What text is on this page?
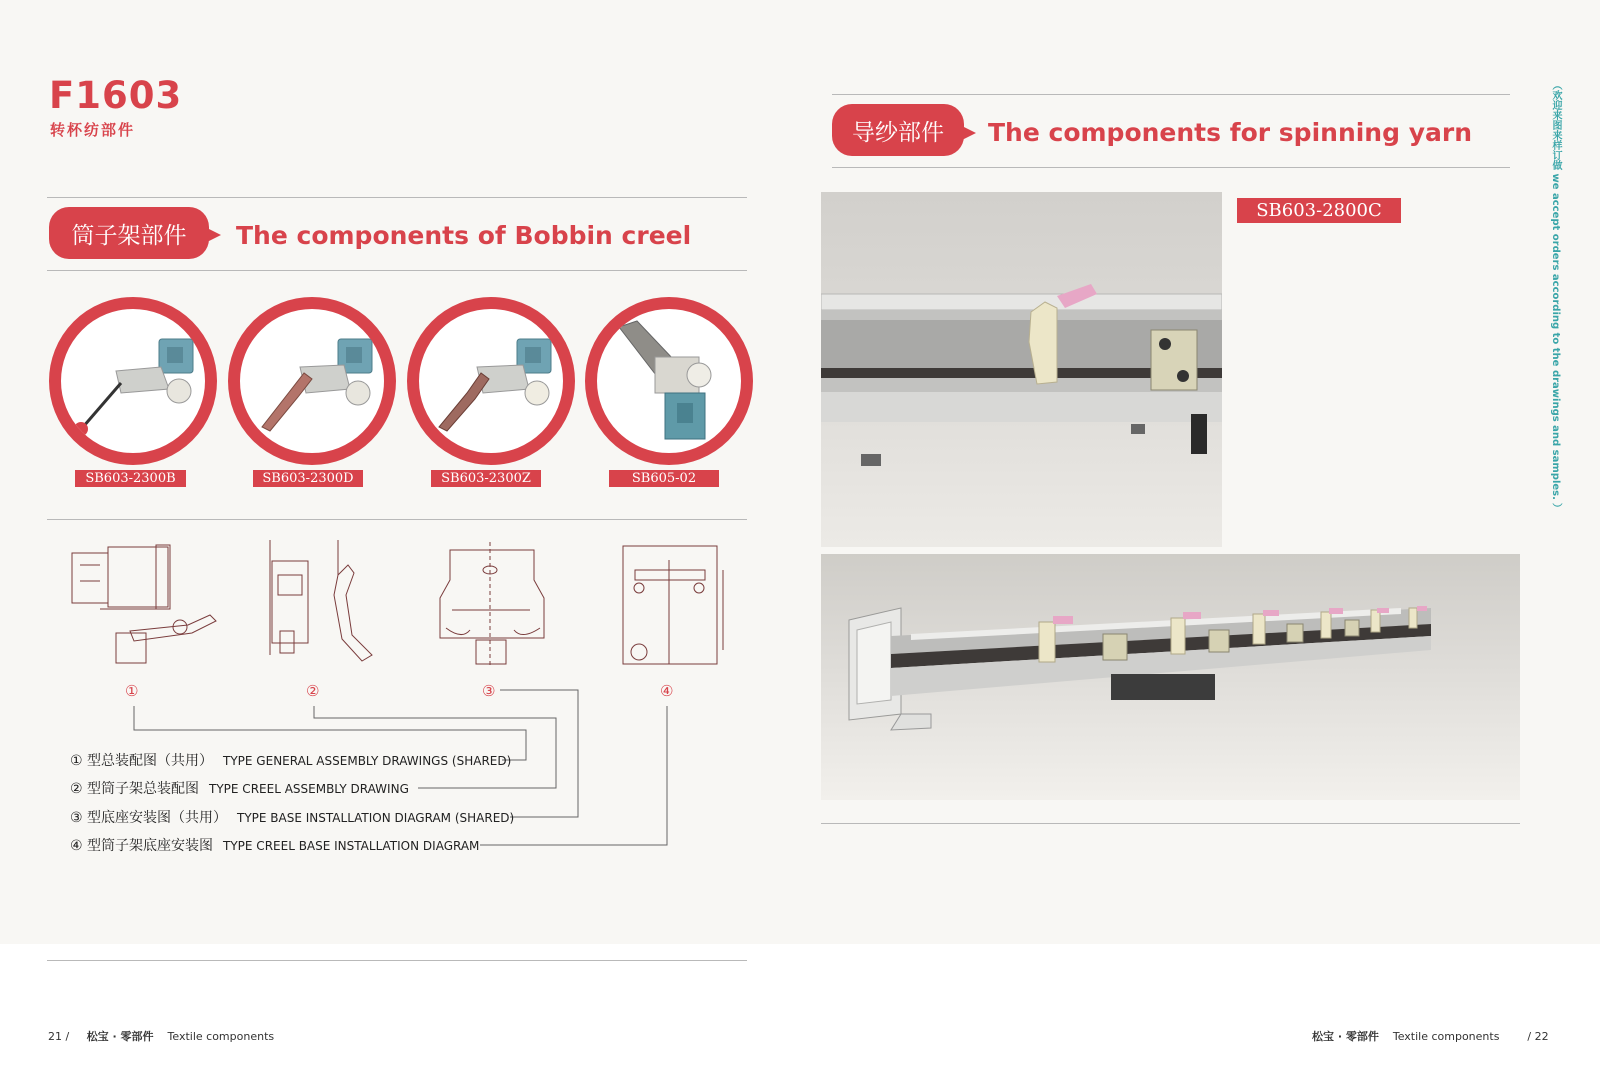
F1603
转杯纺部件
筒子架部件 The components of Bobbin creel
SB603-2300B	SB603-2300D	SB603-2300Z	SB605-02
①	②	③	④
① 型总装配图（共用） TYPE GENERAL ASSEMBLY DRAWINGS (SHARED)
② 型筒子架总装配图 TYPE CREEL ASSEMBLY DRAWING
③ 型底座安装图（共用） TYPE BASE INSTALLATION DIAGRAM (SHARED)
④ 型筒子架底座安装图 TYPE CREEL BASE INSTALLATION DIAGRAM
21 / 松宝 · 零部件 Textile components
导纱部件 The components for spinning yarn
SB603-2800C	（欢迎来图来样订做 we accept orders according to the drawings and samples. ）
松宝 · 零部件 Textile components	/ 22
